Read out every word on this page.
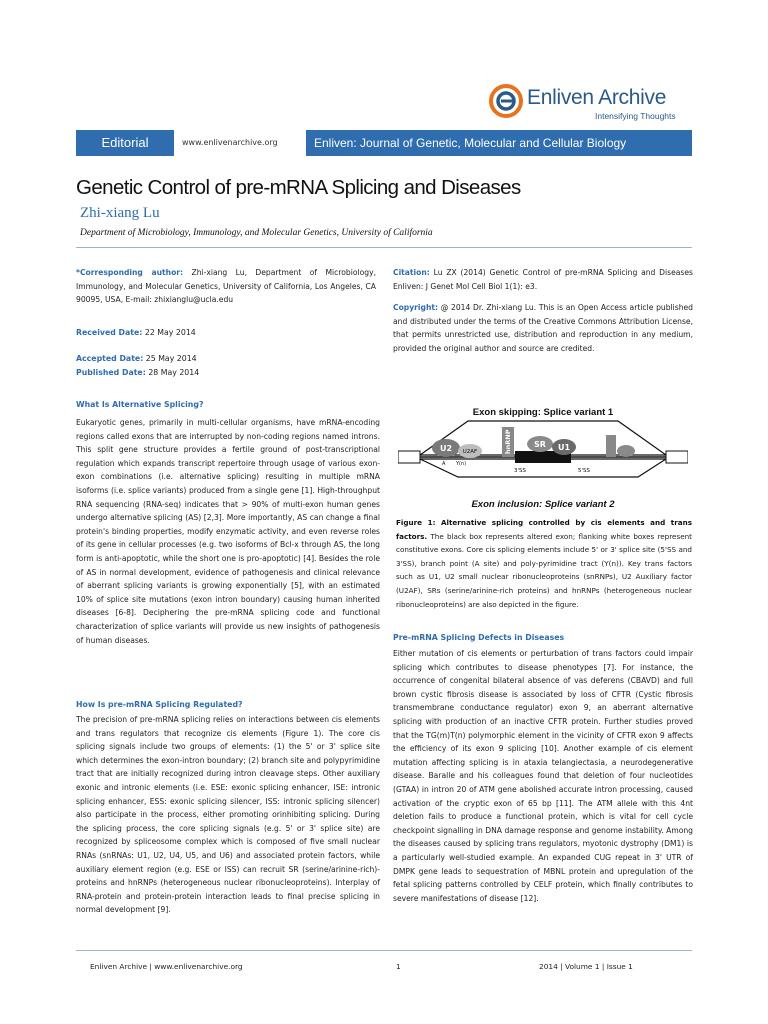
Enliven Archive
Intensifying Thoughts
Editorial	www.enlivenarchive.org	Enliven: Journal of Genetic, Molecular and Cellular Biology
Genetic Control of pre-mRNA Splicing and Diseases
Zhi-xiang Lu
Department of Microbiology, Immunology, and Molecular Genetics, University of California

*Corresponding author: Zhi-xiang Lu, Department of Microbiology, Immunology, and Molecular Genetics, University of California, Los Angeles, CA 90095, USA, E-mail: zhixianglu@ucla.edu

Received Date: 22 May 2014
Accepted Date: 25 May 2014
Published Date: 28 May 2014

Citation: Lu ZX (2014) Genetic Control of pre-mRNA Splicing and Diseases Enliven: J Genet Mol Cell Biol 1(1): e3.

Copyright: @ 2014 Dr. Zhi-xiang Lu. This is an Open Access article published and distributed under the terms of the Creative Commons Attribution License, that permits unrestricted use, distribution and reproduction in any medium, provided the original author and source are credited.

What Is Alternative Splicing?

Eukaryotic genes, primarily in multi-cellular organisms, have mRNA-encoding regions called exons that are interrupted by non-coding regions named introns. This split gene structure provides a fertile ground of post-transcriptional regulation which expands transcript repertoire through usage of various exon-exon combinations (i.e. alternative splicing) resulting in multiple mRNA isoforms (i.e. splice variants) produced from a single gene [1]. High-throughput RNA sequencing (RNA-seq) indicates that > 90% of multi-exon human genes undergo alternative splicing (AS) [2,3]. More importantly, AS can change a final protein's binding properties, modify enzymatic activity, and even reverse roles of its gene in cellular processes (e.g. two isoforms of Bcl-x through AS, the long form is anti-apoptotic, while the short one is pro-apoptotic) [4]. Besides the role of AS in normal development, evidence of pathogenesis and clinical relevance of aberrant splicing variants is growing exponentially [5], with an estimated 10% of splice site mutations (exon intron boundary) causing human inherited diseases [6-8]. Deciphering the pre-mRNA splicing code and functional characterization of splice variants will provide us new insights of pathogenesis of human diseases.

How Is pre-mRNA Splicing Regulated?

The precision of pre-mRNA splicing relies on interactions between cis elements and trans regulators that recognize cis elements (Figure 1). The core cis splicing signals include two groups of elements: (1) the 5' or 3' splice site which determines the exon-intron boundary; (2) branch site and polypyrimidine tract that are initially recognized during intron cleavage steps. Other auxiliary exonic and intronic elements (i.e. ESE: exonic splicing enhancer, ISE: intronic splicing enhancer, ESS: exonic splicing silencer, ISS: intronic splicing silencer) also participate in the process, either promoting orinhibiting splicing. During the splicing process, the core splicing signals (e.g. 5' or 3' splice site) are recognized by spliceosome complex which is composed of five small nuclear RNAs (snRNAs: U1, U2, U4, U5, and U6) and associated protein factors, while auxiliary element region (e.g. ESE or ISS) can recruit SR (serine/arinine-rich)-proteins and hnRNPs (heterogeneous nuclear ribonucleoproteins). Interplay of RNA-protein and protein-protein interaction leads to final precise splicing in normal development [9].

Exon skipping: Splice variant 1
U2 U2AF
A Y(n)
hnRNP	SR U1
3'SS	5'SS
Exon inclusion: Splice variant 2

Figure 1: Alternative splicing controlled by cis elements and trans factors. The black box represents altered exon; flanking white boxes represent constitutive exons. Core cis splicing elements include 5' or 3' splice site (5'SS and 3'SS), branch point (A site) and poly-pyrimidine tract (Y(n)). Key trans factors such as U1, U2 small nuclear ribonucleoproteins (snRNPs), U2 Auxiliary factor (U2AF), SRs (serine/arinine-rich proteins) and hnRNPs (heterogeneous nuclear ribonucleoproteins) are also depicted in the figure.

Pre-mRNA Splicing Defects in Diseases

Either mutation of cis elements or perturbation of trans factors could impair splicing which contributes to disease phenotypes [7]. For instance, the occurrence of congenital bilateral absence of vas deferens (CBAVD) and full brown cystic fibrosis disease is associated by loss of CFTR (Cystic fibrosis transmembrane conductance regulator) exon 9, an aberrant alternative splicing with production of an inactive CFTR protein. Further studies proved that the TG(m)T(n) polymorphic element in the vicinity of CFTR exon 9 affects the efficiency of its exon 9 splicing [10]. Another example of cis element mutation affecting splicing is in ataxia telangiectasia, a neurodegenerative disease. Baralle and his colleagues found that deletion of four nucleotides (GTAA) in intron 20 of ATM gene abolished accurate intron processing, caused activation of the cryptic exon of 65 bp [11]. The ATM allele with this 4nt deletion fails to produce a functional protein, which is vital for cell cycle checkpoint signalling in DNA damage response and genome instability. Among the diseases caused by splicing trans regulators, myotonic dystrophy (DM1) is a particularly well-studied example. An expanded CUG repeat in 3' UTR of DMPK gene leads to sequestration of MBNL protein and upregulation of the fetal splicing patterns controlled by CELF protein, which finally contributes to severe manifestations of disease [12].

Enliven Archive | www.enlivenarchive.org	1	2014 | Volume 1 | Issue 1
